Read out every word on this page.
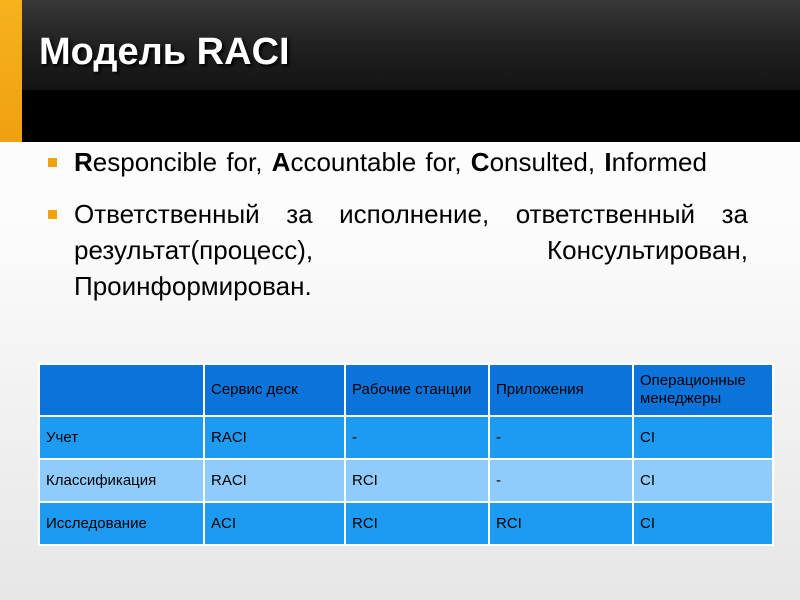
Модель RACI
Responcible for, Accountable for, Consulted, Informed
Ответственный за исполнение, ответственный за результат(процесс), Консультирован, Проинформирован.
	Сервис деск	Рабочие станции	Приложения	Операционные менеджеры
Учет	RACI	-	-	CI
Классификация	RACI	RCI	-	CI
Исследование	ACI	RCI	RCI	CI
